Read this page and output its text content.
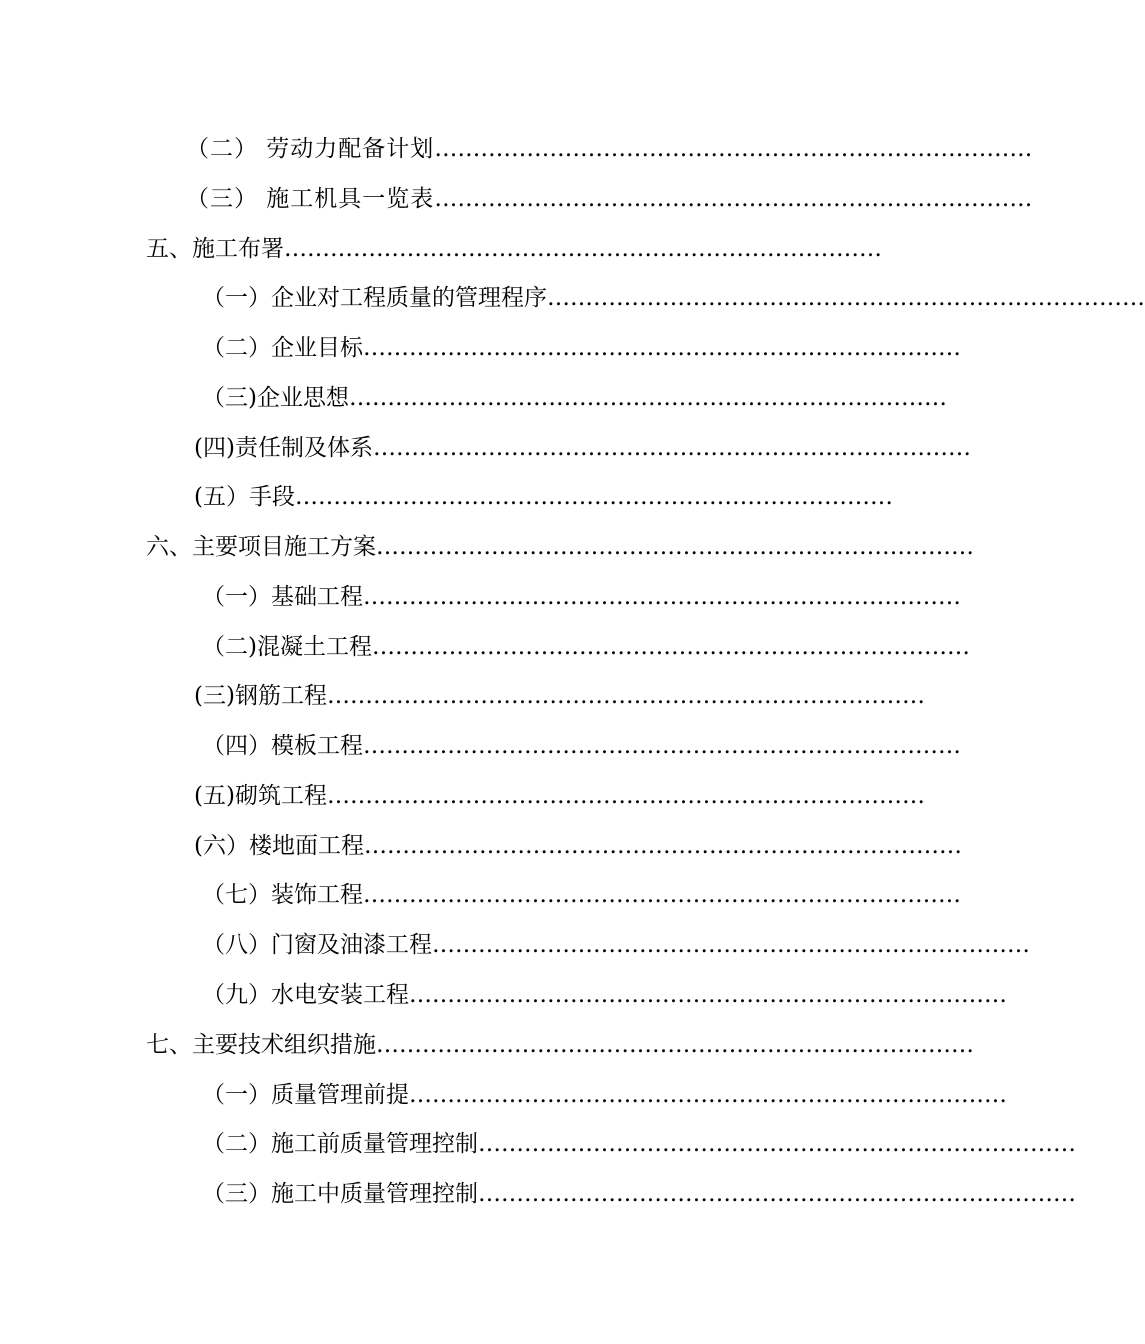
（二） 劳动力配备计划 ……………………………………………………………………
（三） 施工机具一览表 ……………………………………………………………………
五、施工布署 ……………………………………………………………………
（一）企业对工程质量的管理程序 ……………………………………………………………………
（二）企业目标 ……………………………………………………………………
（三)企业思想 ……………………………………………………………………
(四)责任制及体系 ……………………………………………………………………
(五）手段 ……………………………………………………………………
六、主要项目施工方案 ……………………………………………………………………
（一）基础工程 ……………………………………………………………………
（二)混凝土工程 ……………………………………………………………………
(三)钢筋工程 ……………………………………………………………………
（四）模板工程 ……………………………………………………………………
(五)砌筑工程 ……………………………………………………………………
(六）楼地面工程 ……………………………………………………………………
（七）装饰工程 ……………………………………………………………………
（八）门窗及油漆工程 ……………………………………………………………………
（九）水电安装工程 ……………………………………………………………………
七、主要技术组织措施 ……………………………………………………………………
（一）质量管理前提 ……………………………………………………………………
（二）施工前质量管理控制 ……………………………………………………………………
（三）施工中质量管理控制 ……………………………………………………………………
